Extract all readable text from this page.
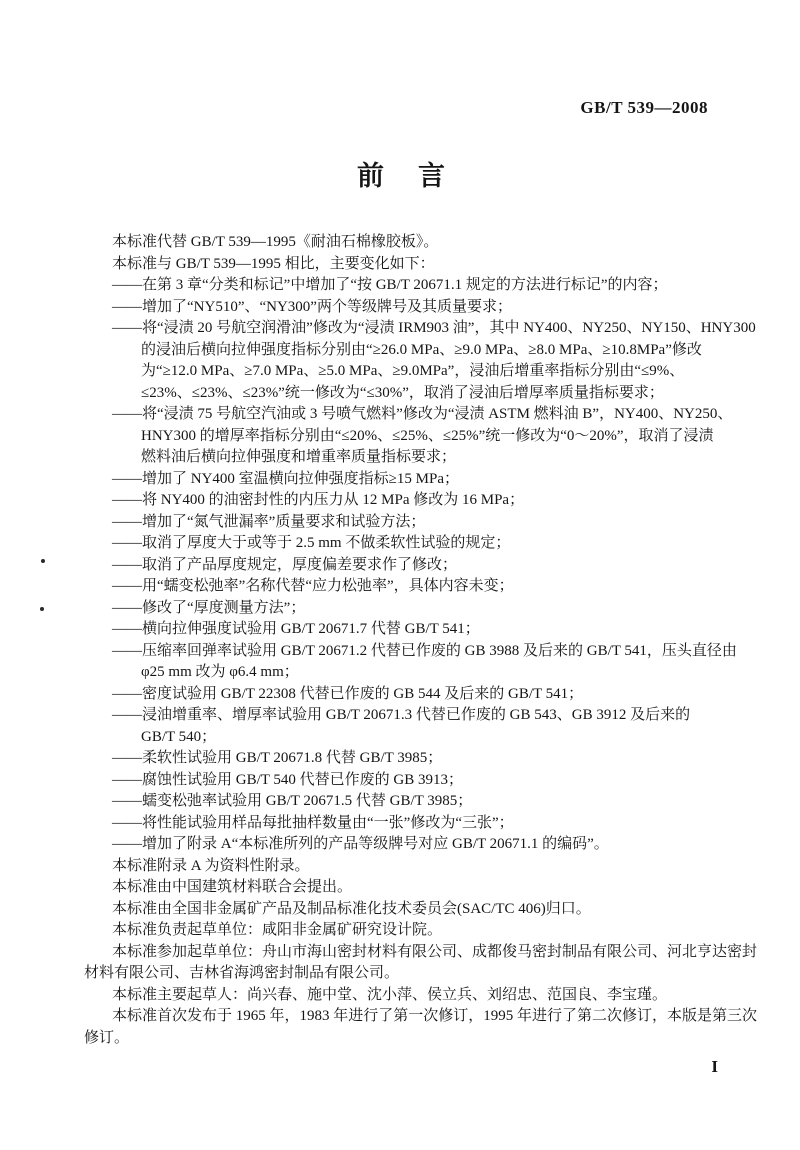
GB/T 539—2008
前 言
本标准代替 GB/T 539—1995《耐油石棉橡胶板》。
本标准与 GB/T 539—1995 相比，主要变化如下：
——在第 3 章“分类和标记”中增加了“按 GB/T 20671.1 规定的方法进行标记”的内容；
——增加了“NY510”、“NY300”两个等级牌号及其质量要求；
——将“浸渍 20 号航空润滑油”修改为“浸渍 IRM903 油”，其中 NY400、NY250、NY150、HNY300
的浸油后横向拉伸强度指标分别由“≥26.0 MPa、≥9.0 MPa、≥8.0 MPa、≥10.8MPa”修改
为“≥12.0 MPa、≥7.0 MPa、≥5.0 MPa、≥9.0MPa”，浸油后增重率指标分别由“≤9%、
≤23%、≤23%、≤23%”统一修改为“≤30%”，取消了浸油后增厚率质量指标要求；
——将“浸渍 75 号航空汽油或 3 号喷气燃料”修改为“浸渍 ASTM 燃料油 B”，NY400、NY250、
HNY300 的增厚率指标分别由“≤20%、≤25%、≤25%”统一修改为“0～20%”，取消了浸渍
燃料油后横向拉伸强度和增重率质量指标要求；
——增加了 NY400 室温横向拉伸强度指标≥15 MPa；
——将 NY400 的油密封性的内压力从 12 MPa 修改为 16 MPa；
——增加了“氮气泄漏率”质量要求和试验方法；
——取消了厚度大于或等于 2.5 mm 不做柔软性试验的规定；
——取消了产品厚度规定，厚度偏差要求作了修改；
——用“蠕变松弛率”名称代替“应力松弛率”，具体内容未变；
——修改了“厚度测量方法”；
——横向拉伸强度试验用 GB/T 20671.7 代替 GB/T 541；
——压缩率回弹率试验用 GB/T 20671.2 代替已作废的 GB 3988 及后来的 GB/T 541，压头直径由
φ25 mm 改为 φ6.4 mm；
——密度试验用 GB/T 22308 代替已作废的 GB 544 及后来的 GB/T 541；
——浸油增重率、增厚率试验用 GB/T 20671.3 代替已作废的 GB 543、GB 3912 及后来的
GB/T 540；
——柔软性试验用 GB/T 20671.8 代替 GB/T 3985；
——腐蚀性试验用 GB/T 540 代替已作废的 GB 3913；
——蠕变松弛率试验用 GB/T 20671.5 代替 GB/T 3985；
——将性能试验用样品每批抽样数量由“一张”修改为“三张”；
——增加了附录 A“本标准所列的产品等级牌号对应 GB/T 20671.1 的编码”。
本标准附录 A 为资料性附录。
本标准由中国建筑材料联合会提出。
本标准由全国非金属矿产品及制品标准化技术委员会(SAC/TC 406)归口。
本标准负责起草单位：咸阳非金属矿研究设计院。
本标准参加起草单位：舟山市海山密封材料有限公司、成都俊马密封制品有限公司、河北亨达密封
材料有限公司、吉林省海鸿密封制品有限公司。
本标准主要起草人：尚兴春、施中堂、沈小萍、侯立兵、刘绍忠、范国良、李宝瑾。
本标准首次发布于 1965 年，1983 年进行了第一次修订，1995 年进行了第二次修订，本版是第三次
修订。
I
